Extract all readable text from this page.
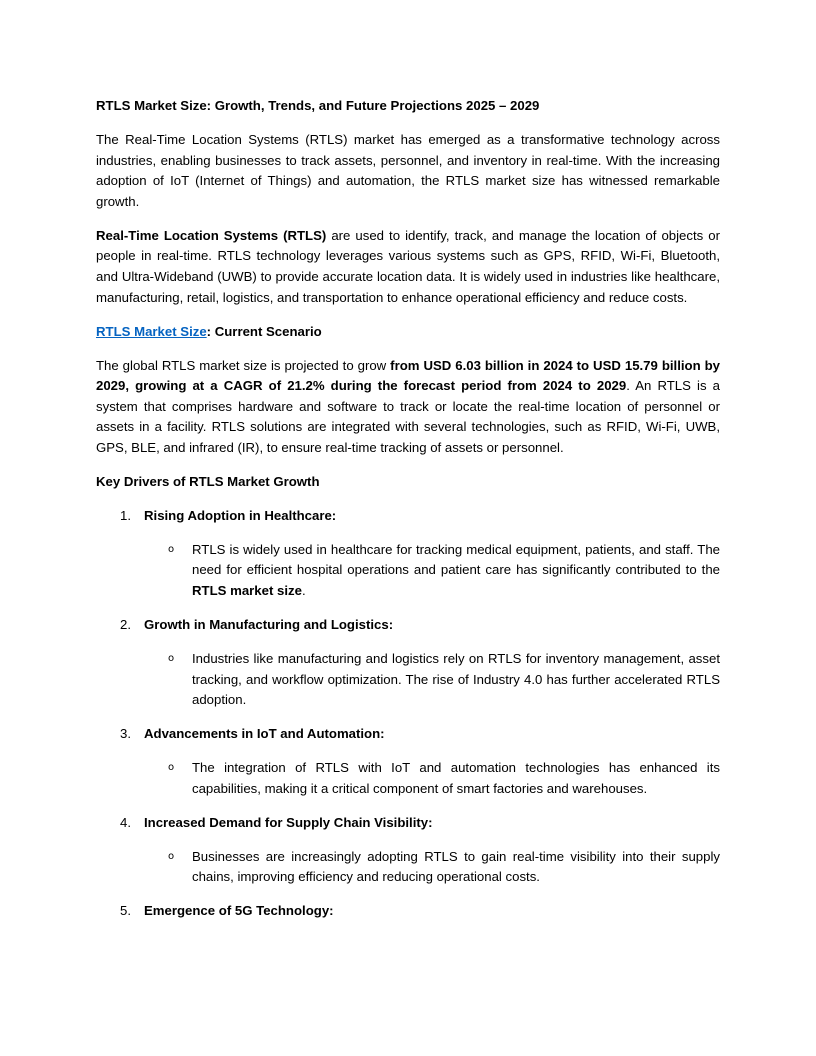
RTLS Market Size: Growth, Trends, and Future Projections 2025 – 2029

The Real-Time Location Systems (RTLS) market has emerged as a transformative technology across industries, enabling businesses to track assets, personnel, and inventory in real-time. With the increasing adoption of IoT (Internet of Things) and automation, the RTLS market size has witnessed remarkable growth.

Real-Time Location Systems (RTLS) are used to identify, track, and manage the location of objects or people in real-time. RTLS technology leverages various systems such as GPS, RFID, Wi-Fi, Bluetooth, and Ultra-Wideband (UWB) to provide accurate location data. It is widely used in industries like healthcare, manufacturing, retail, logistics, and transportation to enhance operational efficiency and reduce costs.

RTLS Market Size: Current Scenario

The global RTLS market size is projected to grow from USD 6.03 billion in 2024 to USD 15.79 billion by 2029, growing at a CAGR of 21.2% during the forecast period from 2024 to 2029. An RTLS is a system that comprises hardware and software to track or locate the real-time location of personnel or assets in a facility. RTLS solutions are integrated with several technologies, such as RFID, Wi-Fi, UWB, GPS, BLE, and infrared (IR), to ensure real-time tracking of assets or personnel.

Key Drivers of RTLS Market Growth

1. Rising Adoption in Healthcare:
o RTLS is widely used in healthcare for tracking medical equipment, patients, and staff. The need for efficient hospital operations and patient care has significantly contributed to the RTLS market size.
2. Growth in Manufacturing and Logistics:
o Industries like manufacturing and logistics rely on RTLS for inventory management, asset tracking, and workflow optimization. The rise of Industry 4.0 has further accelerated RTLS adoption.
3. Advancements in IoT and Automation:
o The integration of RTLS with IoT and automation technologies has enhanced its capabilities, making it a critical component of smart factories and warehouses.
4. Increased Demand for Supply Chain Visibility:
o Businesses are increasingly adopting RTLS to gain real-time visibility into their supply chains, improving efficiency and reducing operational costs.
5. Emergence of 5G Technology:
